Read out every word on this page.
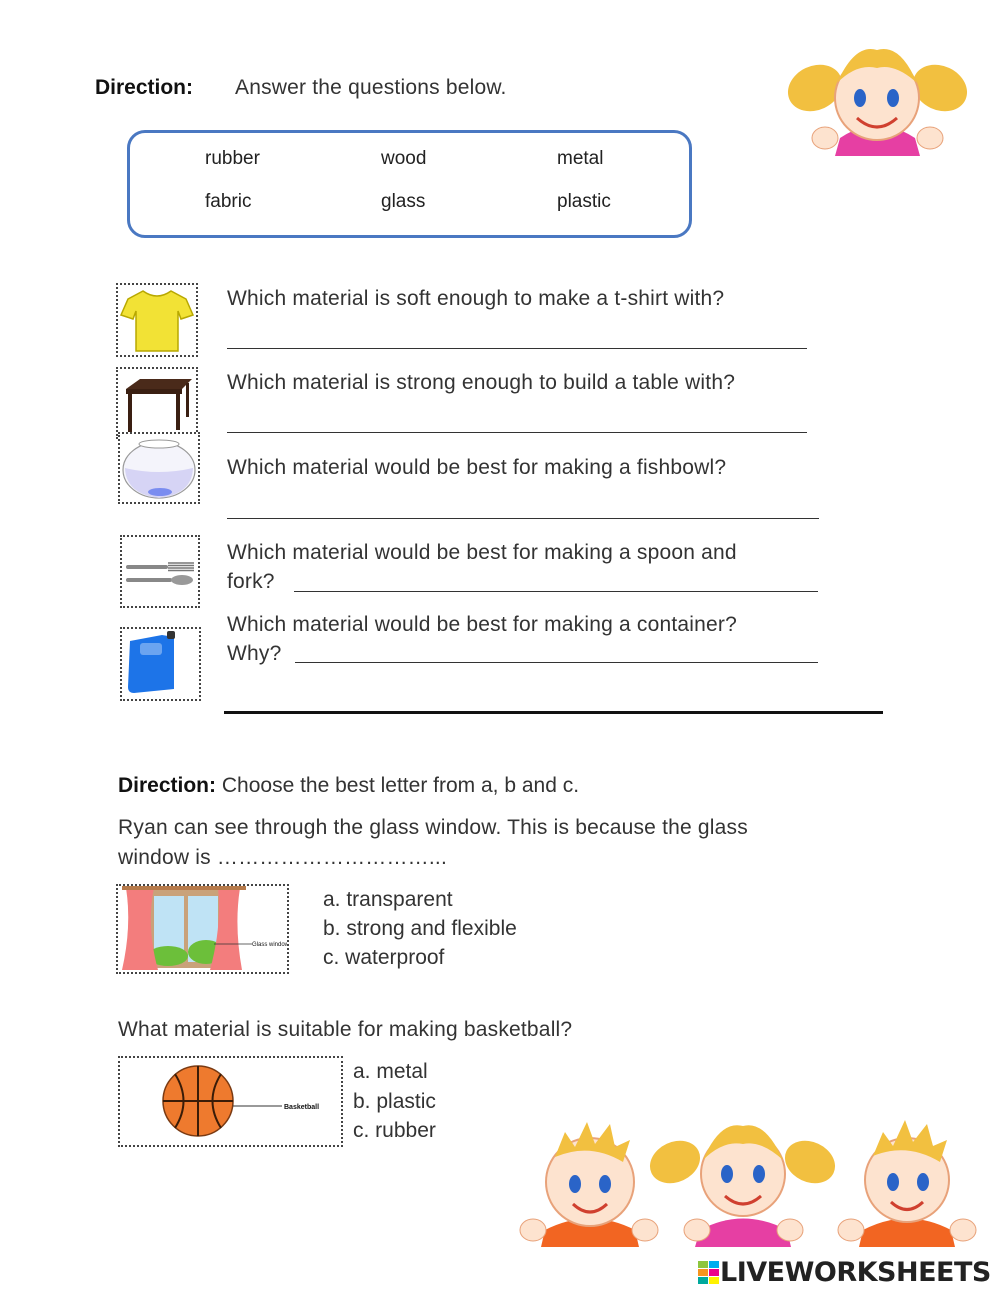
Direction: Answer the questions below.
rubber	wood	metal
fabric	glass	plastic
Which material is soft enough to make a t-shirt with?
Which material is strong enough to build a table with?
Which material would be best for making a fishbowl?
Which material would be best for making a spoon and
fork?
Which material would be best for making a container?
Why?
Direction: Choose the best letter from a, b and c.
Ryan can see through the glass window. This is because the glass
window is …………………………...
Glass window
a. transparent
b. strong and flexible
c. waterproof
What material is suitable for making basketball?
Basketball
a. metal
b. plastic
c. rubber
LIVEWORKSHEETS
